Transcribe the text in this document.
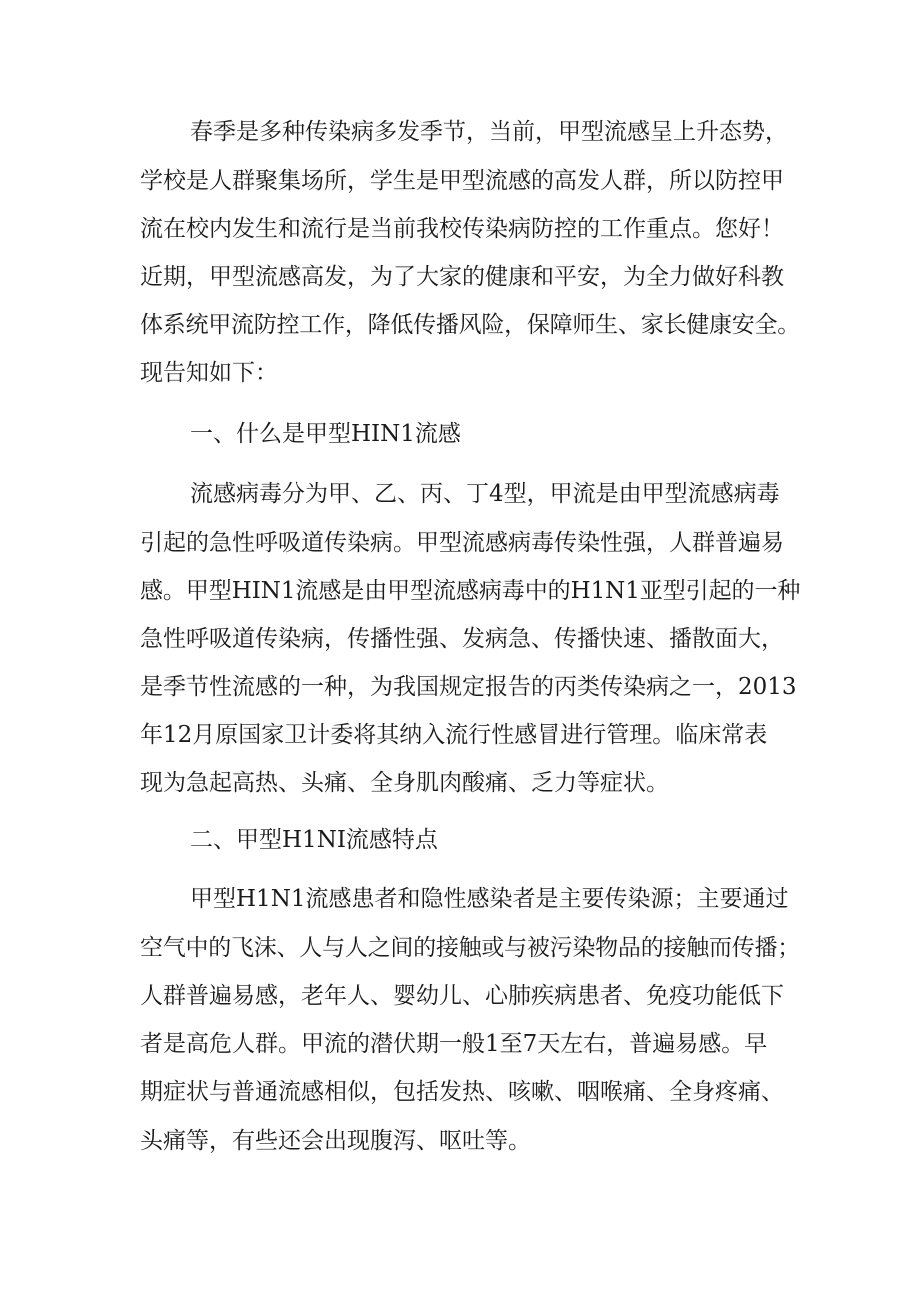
春季是多种传染病多发季节，当前，甲型流感呈上升态势，
学校是人群聚集场所，学生是甲型流感的高发人群，所以防控甲
流在校内发生和流行是当前我校传染病防控的工作重点。您好！
近期，甲型流感高发，为了大家的健康和平安，为全力做好科教
体系统甲流防控工作，降低传播风险，保障师生、家长健康安全。
现告知如下：
一、什么是甲型HIN1流感
流感病毒分为甲、乙、丙、丁4型，甲流是由甲型流感病毒
引起的急性呼吸道传染病。甲型流感病毒传染性强，人群普遍易
感。甲型HIN1流感是由甲型流感病毒中的H1N1亚型引起的一种
急性呼吸道传染病，传播性强、发病急、传播快速、播散面大，
是季节性流感的一种，为我国规定报告的丙类传染病之一，2013
年12月原国家卫计委将其纳入流行性感冒进行管理。临床常表
现为急起高热、头痛、全身肌肉酸痛、乏力等症状。
二、甲型H1NI流感特点
甲型H1N1流感患者和隐性感染者是主要传染源；主要通过
空气中的飞沫、人与人之间的接触或与被污染物品的接触而传播；
人群普遍易感，老年人、婴幼儿、心肺疾病患者、免疫功能低下
者是高危人群。甲流的潜伏期一般1至7天左右，普遍易感。早
期症状与普通流感相似，包括发热、咳嗽、咽喉痛、全身疼痛、
头痛等，有些还会出现腹泻、呕吐等。
